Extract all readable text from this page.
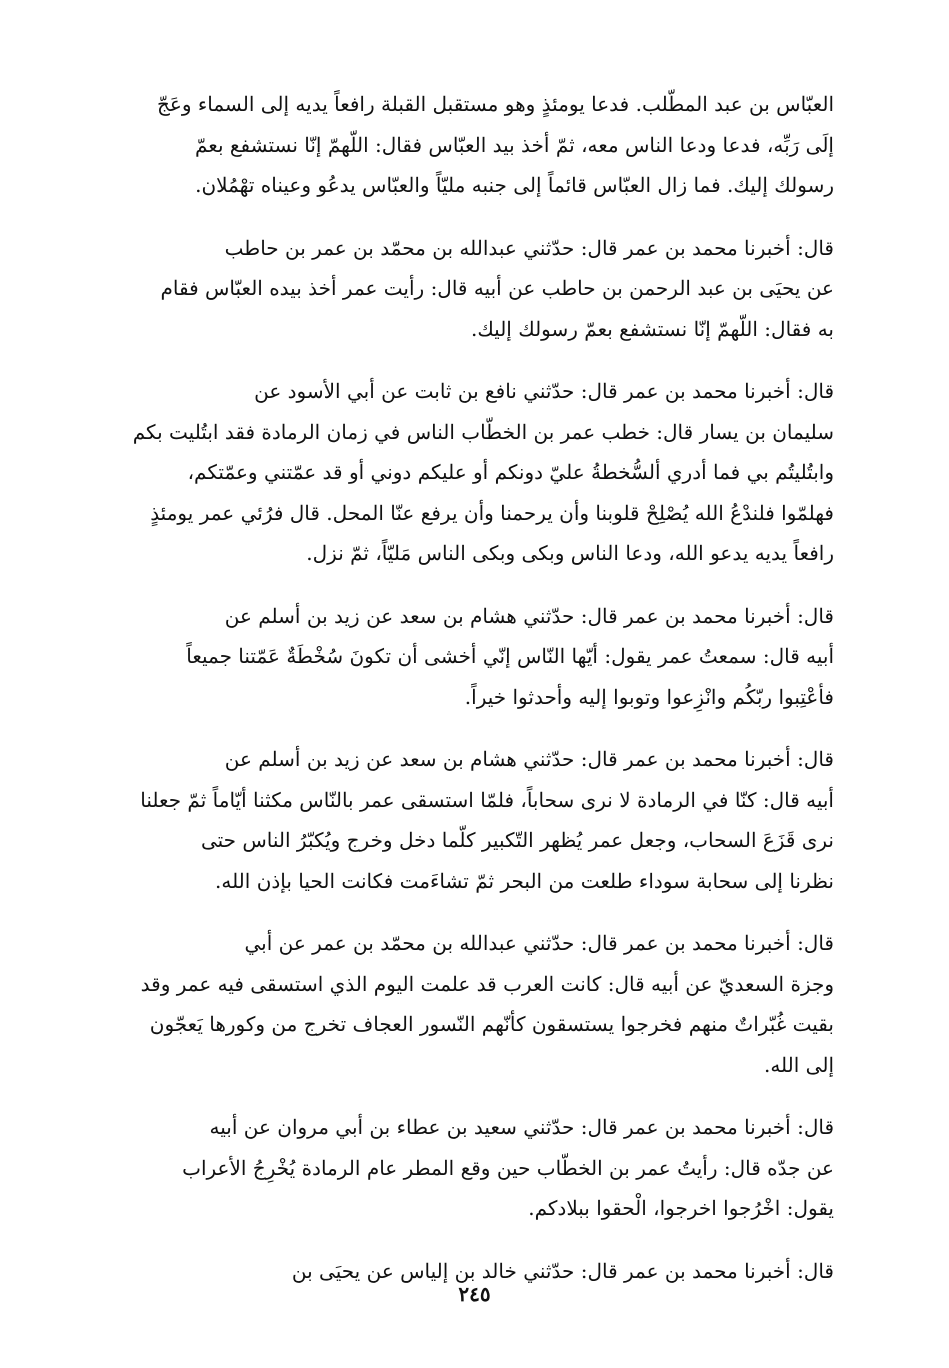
العبّاس بن عبد المطّلب. فدعا يومئذٍ وهو مستقبل القبلة رافعاً يديه إلى السماء وعَجّ

إلَى رَبِّه، فدعا ودعا الناس معه، ثمّ أخذ بيد العبّاس فقال: اللّهمّ إنّا نستشفع بعمّ

رسولك إليك. فما زال العبّاس قائماً إلى جنبه مليّاً والعبّاس يدعُو وعيناه تهْمُلان.

قال: أخبرنا محمد بن عمر قال: حدّثني عبدالله بن محمّد بن عمر بن حاطب

عن يحيَى بن عبد الرحمن بن حاطب عن أبيه قال: رأيت عمر أخذ بيده العبّاس فقام

به فقال: اللّهمّ إنّا نستشفع بعمّ رسولك إليك.

قال: أخبرنا محمد بن عمر قال: حدّثني نافع بن ثابت عن أبي الأسود عن

سليمان بن يسار قال: خطب عمر بن الخطّاب الناس في زمان الرمادة فقد ابتُليت بكم

وابتُليتُم بي فما أدري ألسُّخطةُ عليّ دونكم أو عليكم دوني أو قد عمّتني وعمّتكم،

فهلمّوا فلندْعُ الله يُصْلِحْ قلوبنا وأن يرحمنا وأن يرفع عنّا المحل. قال فرُئي عمر يومئذٍ

رافعاً يديه يدعو الله، ودعا الناس وبكى وبكى الناس مَليّاً، ثمّ نزل.

قال: أخبرنا محمد بن عمر قال: حدّثني هشام بن سعد عن زيد بن أسلم عن

أبيه قال: سمعتُ عمر يقول: أيّها النّاس إنّي أخشى أن تكونَ سُخْطَةٌ عَمّتنا جميعاً

فأعْتِبوا ربّكُم وانْزِعوا وتوبوا إليه وأحدثوا خيراً.

قال: أخبرنا محمد بن عمر قال: حدّثني هشام بن سعد عن زيد بن أسلم عن

أبيه قال: كنّا في الرمادة لا نرى سحاباً، فلمّا استسقى عمر بالنّاس مكثنا أيّاماً ثمّ جعلنا

نرى قَزَعَ السحاب، وجعل عمر يُظهر التّكبير كلّما دخل وخرج ويُكبّرُ الناس حتى

نظرنا إلى سحابة سوداء طلعت من البحر ثمّ تشاءَمت فكانت الحيا بإذن الله.

قال: أخبرنا محمد بن عمر قال: حدّثني عبدالله بن محمّد بن عمر عن أبي

وجزة السعديّ عن أبيه قال: كانت العرب قد علمت اليوم الذي استسقى فيه عمر وقد

بقيت غُبّراتٌ منهم فخرجوا يستسقون كأنّهم النّسور العجاف تخرج من وكورها يَعجّون

إلى الله.

قال: أخبرنا محمد بن عمر قال: حدّثني سعيد بن عطاء بن أبي مروان عن أبيه

عن جدّه قال: رأيتُ عمر بن الخطّاب حين وقع المطر عام الرمادة يُخْرِجُ الأعراب

يقول: اخْرُجوا اخرجوا، الْحقوا ببلادكم.

قال: أخبرنا محمد بن عمر قال: حدّثني خالد بن إلياس عن يحيَى بن

٢٤٥
